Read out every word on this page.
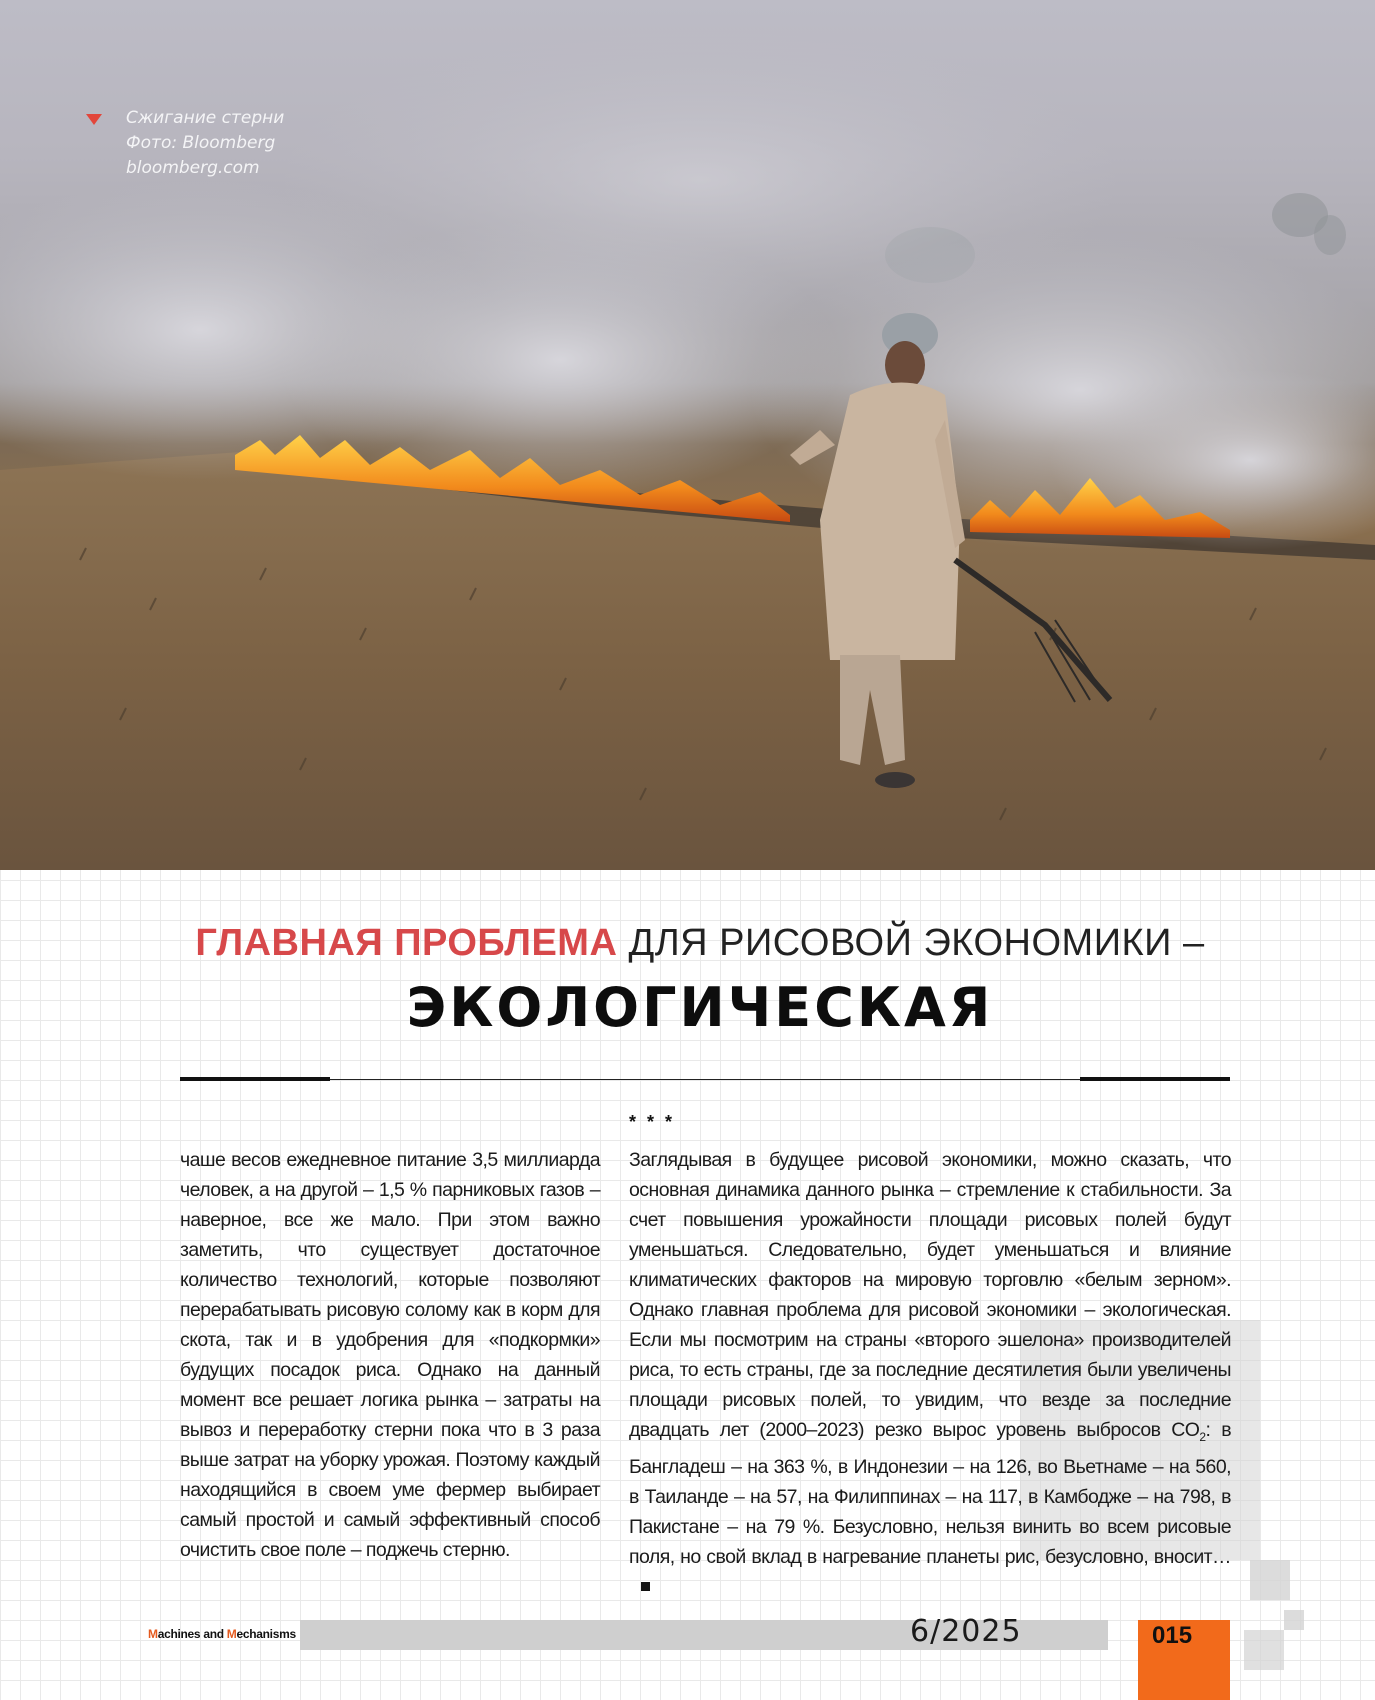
Сжигание стерни
Фото: Bloomberg
bloomberg.com
ГЛАВНАЯ ПРОБЛЕМА ДЛЯ РИСОВОЙ ЭКОНОМИКИ –
ЭКОЛОГИЧЕСКАЯ
* * *

чаше весов ежедневное питание 3,5 миллиарда человек, а на другой – 1,5 % парниковых газов – наверное, все же мало. При этом важно заметить, что существует достаточное количество технологий, которые позволяют перерабатывать рисовую солому как в корм для скота, так и в удобрения для «подкормки» будущих посадок риса. Однако на данный момент все решает логика рынка – затраты на вывоз и переработку стерни пока что в 3 раза выше затрат на уборку урожая. Поэтому каждый находящийся в своем уме фермер выбирает самый простой и самый эффективный способ очистить свое поле – поджечь стерню.

Заглядывая в будущее рисовой экономики, можно сказать, что основная динамика данного рынка – стремление к стабильности. За счет повышения урожайности площади рисовых полей будут уменьшаться. Следовательно, будет уменьшаться и влияние климатических факторов на мировую торговлю «белым зерном». Однако главная проблема для рисовой экономики – экологическая. Если мы посмотрим на страны «второго эшелона» производителей риса, то есть страны, где за последние десятилетия были увеличены площади рисовых полей, то увидим, что везде за последние двадцать лет (2000–2023) резко вырос уровень выбросов $CO_2$: в Бангладеш – на 363 %, в Индонезии – на 126, во Вьетнаме – на 560, в Таиланде – на 57, на Филиппинах – на 117, в Камбодже – на 798, в Пакистане – на 79 %. Безусловно, нельзя винить во всем рисовые поля, но свой вклад в нагревание планеты рис, безусловно, вносит…

Machines and Mechanisms	6/2025	015
